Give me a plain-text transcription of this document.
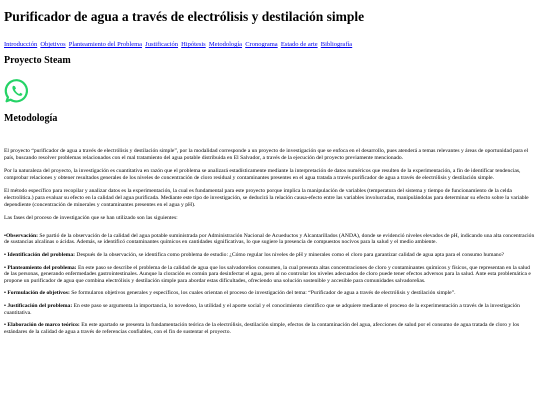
Purificador de agua a través de electrólisis y destilación simple
Introducción Objetivos Planteamiento del Problema Justificación Hipótesis Metodología Cronograma Estado de arte Bibliografía
Proyecto Steam
Metodología

El proyecto “purificador de agua a través de electrólisis y destilación simple”, por la modalidad corresponde a un proyecto de investigación que se enfoca en el desarrollo, pues atenderá a temas relevantes y áreas de oportunidad para el país, buscando resolver problemas relacionados con el mal tratamiento del agua potable distribuida en El Salvador, a través de la ejecución del proyecto previamente mencionado.

Por la naturaleza del proyecto, la investigación es cuantitativa en razón que el problema se analizará estadísticamente mediante la interpretación de datos numéricos que resulten de la experimentación, a fin de identificar tendencias, comprobar relaciones y obtener resultados generales de los niveles de concentración de cloro residual y contaminantes presentes en el agua tratada a través purificador de agua a través de electrólisis y destilación simple.

El método específico para recopilar y analizar datos es la experimentación, la cual es fundamental para este proyecto porque implica la manipulación de variables (temperatura del sistema y tiempo de funcionamiento de la celda electrolítica.) para evaluar su efecto en la calidad del agua purificada. Mediante este tipo de investigación, se deducirá la relación causa-efecto entre las variables involucradas, manipulándolas para determinar su efecto sobre la variable dependiente (concentración de minerales y contaminantes presentes en el agua y pH).

Las fases del proceso de investigación que se han utilizado son las siguientes:

•Observación: Se partió de la observación de la calidad del agua potable suministrada por Administración Nacional de Acueductos y Alcantarillados (ANDA), donde se evidenció niveles elevados de pH, indicando una alta concentración de sustancias alcalinas o ácidas. Además, se identificó contaminantes químicos en cantidades significativas, lo que sugiere la presencia de compuestos nocivos para la salud y el medio ambiente.

• Identificación del problema: Después de la observación, se identifica como problema de estudio: ¿Cómo regular los niveles de pH y minerales como el cloro para garantizar calidad de agua apta para el consumo humano?

• Planteamiento del problema: En este paso se describe el problema de la calidad de agua que los salvadoreños consumen, la cual presenta altas concentraciones de cloro y contaminantes químicos y físicos, que representan en la salud de las personas, generando enfermedades gastrointestinales. Aunque la cloración es común para desinfectar el agua, pero al no controlar los niveles adecuados de cloro puede tener efectos adversos para la salud. Ante esta problemática e propone un purificador de agua que combina electrólisis y destilación simple para abordar estas dificultades, ofreciendo una solución sostenible y accesible para comunidades salvadoreñas.

• Formulación de objetivos: Se formularon objetivos generales y específicos, los cuales orientan el proceso de investigación del tema: “Purificador de agua a través de electrólisis y destilación simple”.

• Justificación del problema: En este paso se argumenta la importancia, lo novedoso, la utilidad y el aporte social y el conocimiento científico que se adquiere mediante el proceso de la experimentación a través de la investigación cuantitativa.

• Elaboración de marco teórico: En este apartado se presenta la fundamentación teórica de la electrólisis, destilación simple, efectos de la contaminación del agua, afecciones de salud por el consumo de agua tratada de cloro y los estándares de la calidad de agua a través de referencias confiables, con el fin de sustentar el proyecto.
